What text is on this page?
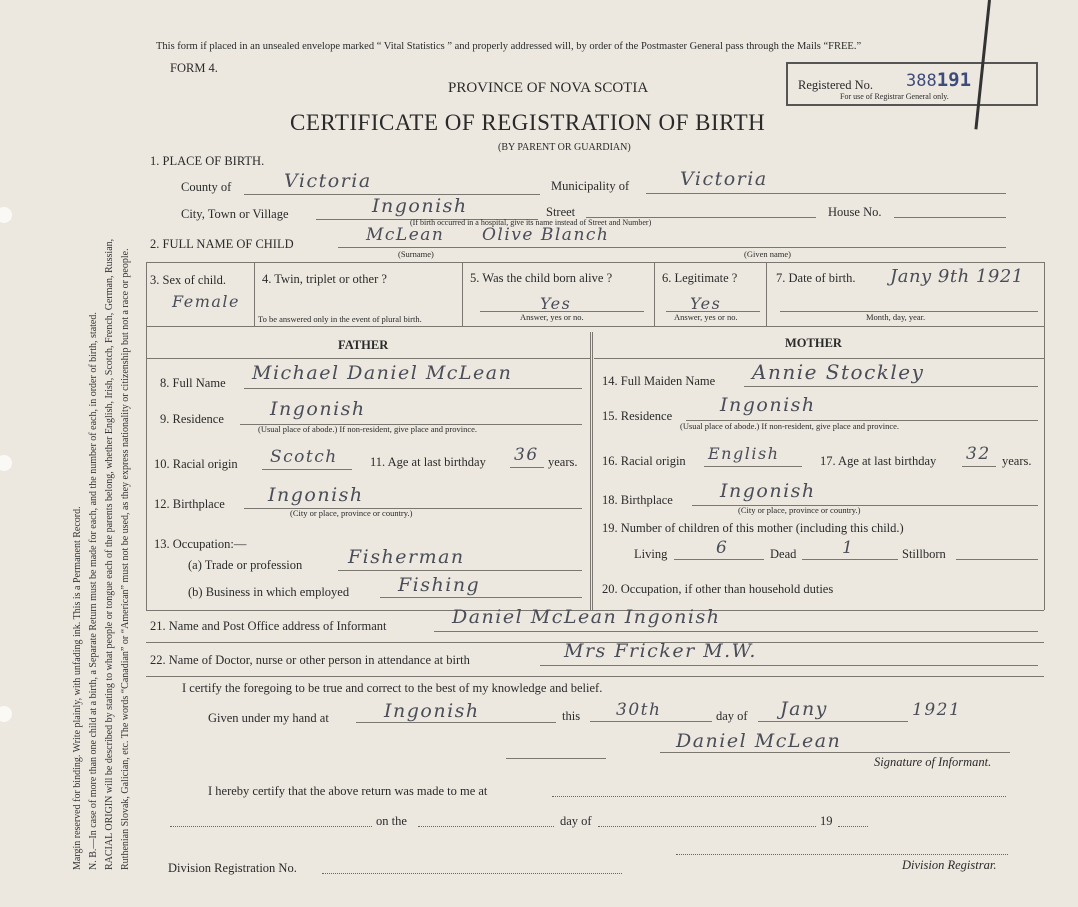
Margin reserved for binding. Write plainly, with unfading ink. This is a Permanent Record. N. B.—In case of more than one child at a birth, a Separate Return must be made for each, and the number of each, in order of birth, stated. RACIAL ORIGIN will be described by stating to what people or tongue each of the parents belong, whether English, Irish, Scotch, French, German, Russian, Ruthenian Slovak, Galician, etc. The words “Canadian” or “American” must not be used, as they express nationality or citizenship but not a race or people.
This form if placed in an unsealed envelope marked “ Vital Statistics ” and properly addressed will, by order of the Postmaster General pass through the Mails “FREE.”
FORM 4.
PROVINCE OF NOVA SCOTIA
CERTIFICATE OF REGISTRATION OF BIRTH
(BY PARENT OR GUARDIAN)
Registered No. 388191
For use of Registrar General only.
1. PLACE OF BIRTH.
County of	Victoria	Municipality of	Victoria
City, Town or Village	Ingonish	Street
(If birth occurred in a hospital, give its name instead of Street and Number)
House No.
2. FULL NAME OF CHILD	McLean Olive Blanch
(Surname)	(Given name)
3. Sex of child.
Female
4. Twin, triplet or other ?
To be answered only in the event of plural birth.
5. Was the child born alive ?
Yes
Answer, yes or no.
6. Legitimate ?
Yes
Answer, yes or no.
7. Date of birth. Jany 9th 1921
Month, day, year.
FATHER	MOTHER
8. Full Name Michael Daniel McLean
9. Residence Ingonish
(Usual place of abode.) If non-resident, give place and province.
10. Racial origin Scotch	11. Age at last birthday 36 years.
12. Birthplace Ingonish
(City or place, province or country.)
13. Occupation:—
(a) Trade or profession Fisherman
(b) Business in which employed	Fishing
14. Full Maiden Name Annie Stockley
15. Residence	Ingonish
(Usual place of abode.) If non-resident, give place and province.
16. Racial origin English	17. Age at last birthday 32 years.
18. Birthplace Ingonish
(City or place, province or country.)
19. Number of children of this mother (including this child.)
Living	6	Dead	1	Stillborn
20. Occupation, if other than household duties
21. Name and Post Office address of Informant	Daniel McLean Ingonish
22. Name of Doctor, nurse or other person in attendance at birth	Mrs Fricker M.W.
I certify the foregoing to be true and correct to the best of my knowledge and belief.
Given under my hand at	Ingonish	this 30th	day of Jany	1921
Daniel McLean
Signature of Informant.
I hereby certify that the above return was made to me at
on the	day of	19
Division Registration No.	Division Registrar.
